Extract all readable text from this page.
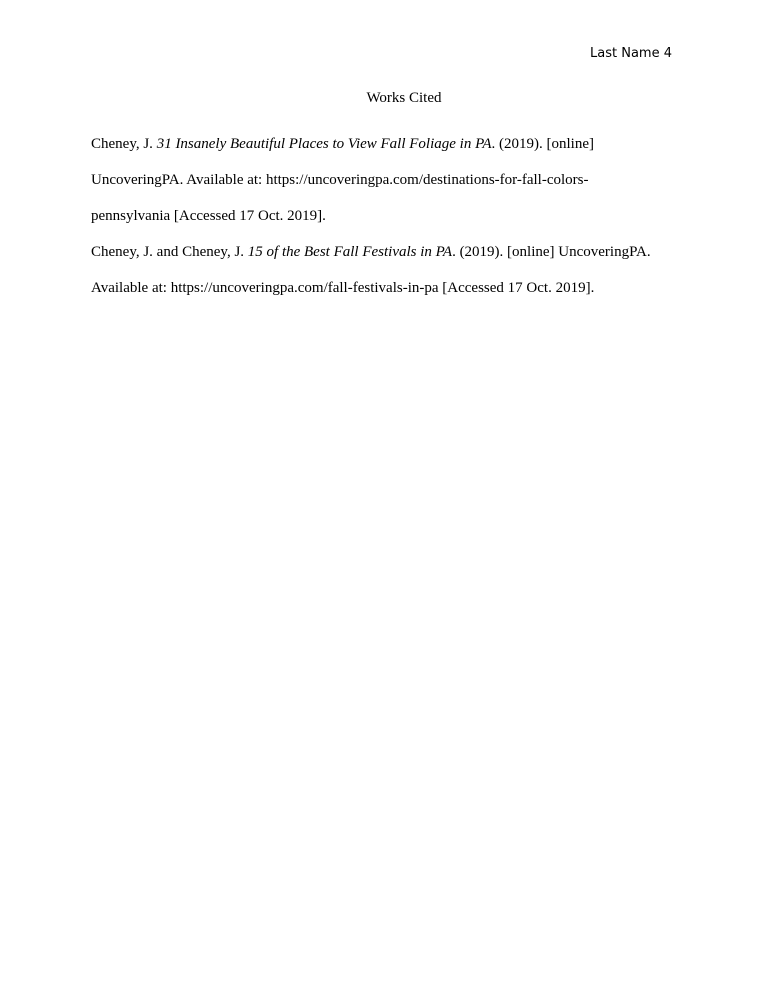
Last Name 4
Works Cited

Cheney, J. 31 Insanely Beautiful Places to View Fall Foliage in PA. (2019). [online]
UncoveringPA. Available at: https://uncoveringpa.com/destinations-for-fall-colors-
pennsylvania [Accessed 17 Oct. 2019].

Cheney, J. and Cheney, J. 15 of the Best Fall Festivals in PA. (2019). [online] UncoveringPA.
Available at: https://uncoveringpa.com/fall-festivals-in-pa [Accessed 17 Oct. 2019].
